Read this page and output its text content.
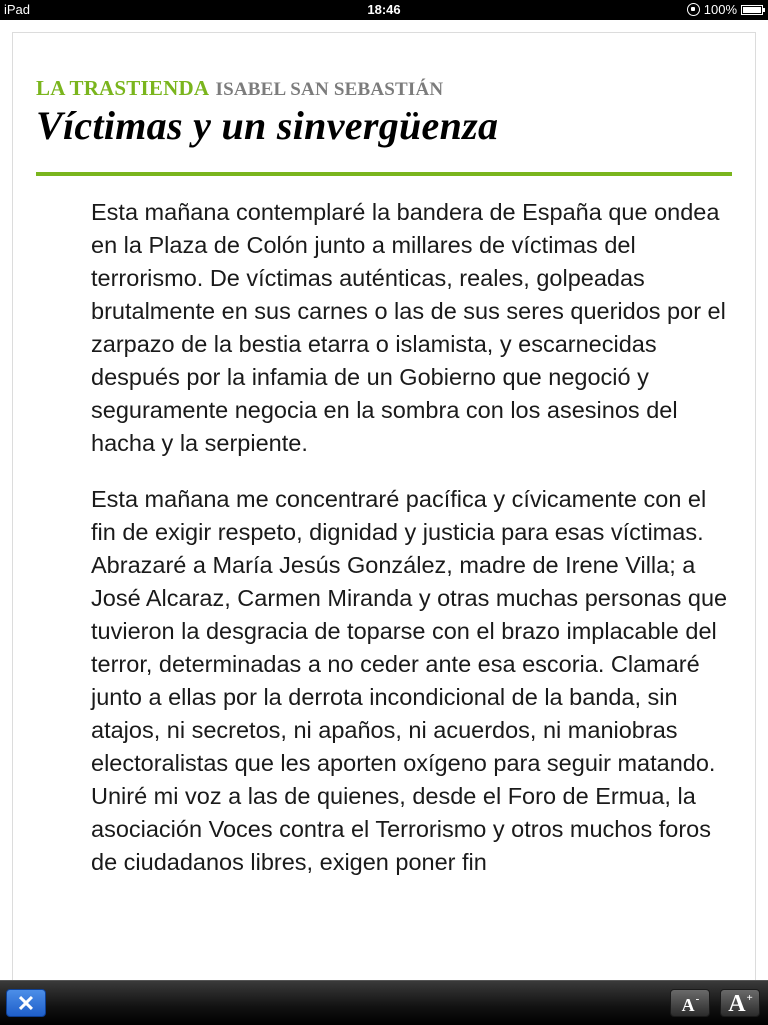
iPad	18:46	100%
LA TRASTIENDA ISABEL SAN SEBASTIÁN
Víctimas y un sinvergüenza

Esta mañana contemplaré la bandera de España que ondea en la Plaza de Colón junto a millares de víctimas del terrorismo. De víctimas auténticas, reales, golpeadas brutalmente en sus carnes o las de sus seres queridos por el zarpazo de la bestia etarra o islamista, y escarnecidas después por la infamia de un Gobierno que negoció y seguramente negocia en la sombra con los asesinos del hacha y la serpiente.

Esta mañana me concentraré pacífica y cívicamente con el fin de exigir respeto, dignidad y justicia para esas víctimas. Abrazaré a María Jesús González, madre de Irene Villa; a José Alcaraz, Carmen Miranda y otras muchas personas que tuvieron la desgracia de toparse con el brazo implacable del terror, determinadas a no ceder ante esa escoria. Clamaré junto a ellas por la derrota incondicional de la banda, sin atajos, ni secretos, ni apaños, ni acuerdos, ni maniobras electoralistas que les aporten oxígeno para seguir matando. Uniré mi voz a las de quienes, desde el Foro de Ermua, la asociación Voces contra el Terrorismo y otros muchos foros de ciudadanos libres, exigen poner fin

✕	A-	A+
